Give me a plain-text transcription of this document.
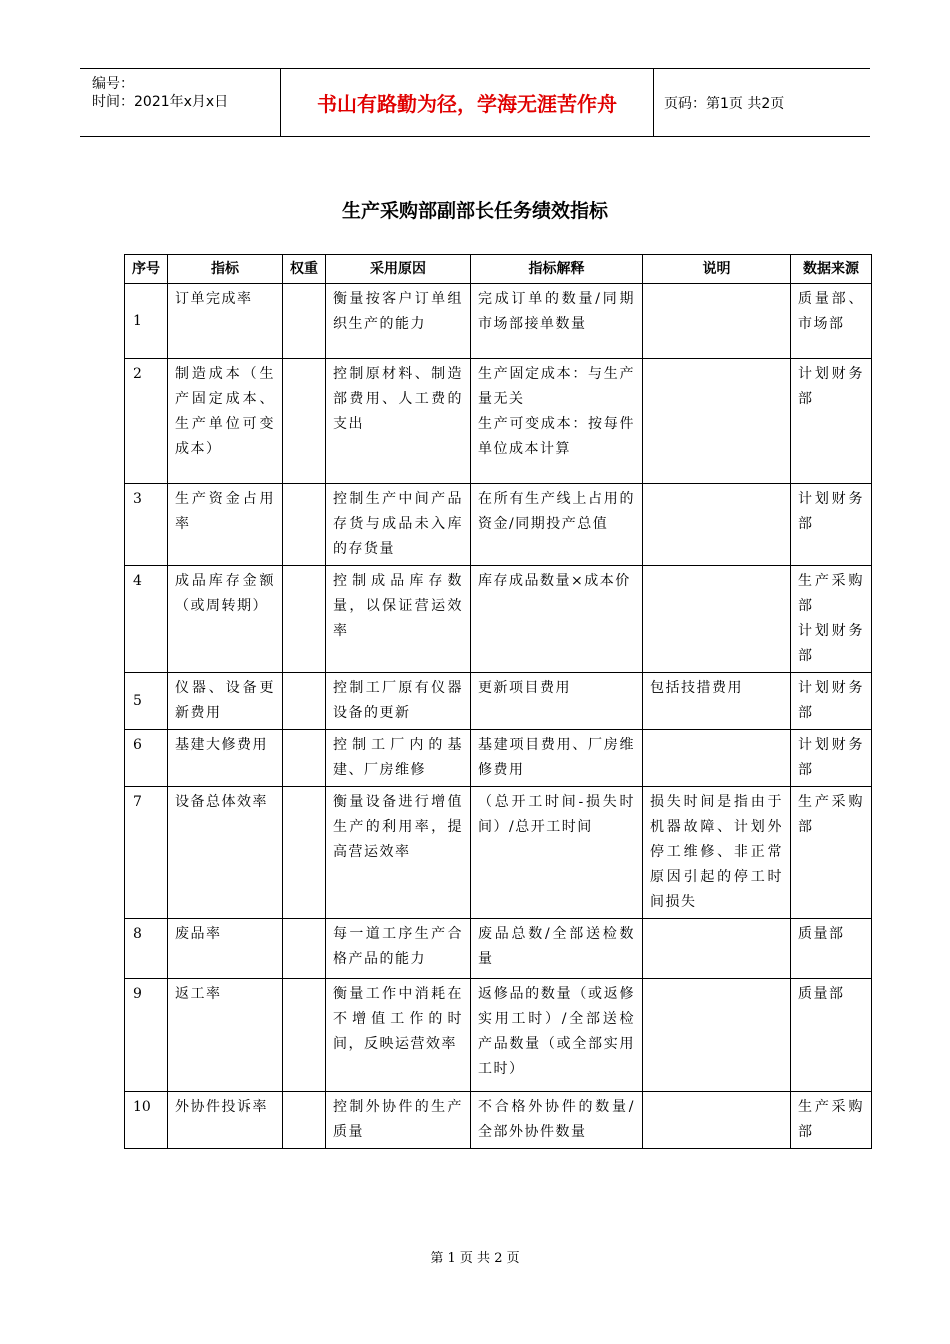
编号：
时间：2021年x月x日	书山有路勤为径，学海无涯苦作舟	页码：第1页 共2页
生产采购部副部长任务绩效指标
序号	指标	权重	采用原因	指标解释	说明	数据来源
1	订单完成率		衡量按客户订单组织生产的能力	完成订单的数量/同期市场部接单数量		质量部、市场部
2	制造成本（生产固定成本、生产单位可变成本）		控制原材料、制造部费用、人工费的支出	生产固定成本：与生产量无关
生产可变成本：按每件单位成本计算		计划财务部
3	生产资金占用率		控制生产中间产品存货与成品未入库的存货量	在所有生产线上占用的资金/同期投产总值		计划财务部
4	成品库存金额（或周转期）		控制成品库存数量，以保证营运效率	库存成品数量×成本价		生产采购部
计划财务部
5	仪器、设备更新费用		控制工厂原有仪器设备的更新	更新项目费用	包括技措费用	计划财务部
6	基建大修费用		控制工厂内的基建、厂房维修	基建项目费用、厂房维修费用		计划财务部
7	设备总体效率		衡量设备进行增值生产的利用率，提高营运效率	（总开工时间-损失时间）/总开工时间	损失时间是指由于机器故障、计划外停工维修、非正常原因引起的停工时间损失	生产采购部
8	废品率		每一道工序生产合格产品的能力	废品总数/全部送检数量		质量部
9	返工率		衡量工作中消耗在不增值工作的时间，反映运营效率	返修品的数量（或返修实用工时）/全部送检产品数量（或全部实用工时）		质量部
10	外协件投诉率		控制外协件的生产质量	不合格外协件的数量/全部外协件数量		生产采购部
第 1 页 共 2 页
